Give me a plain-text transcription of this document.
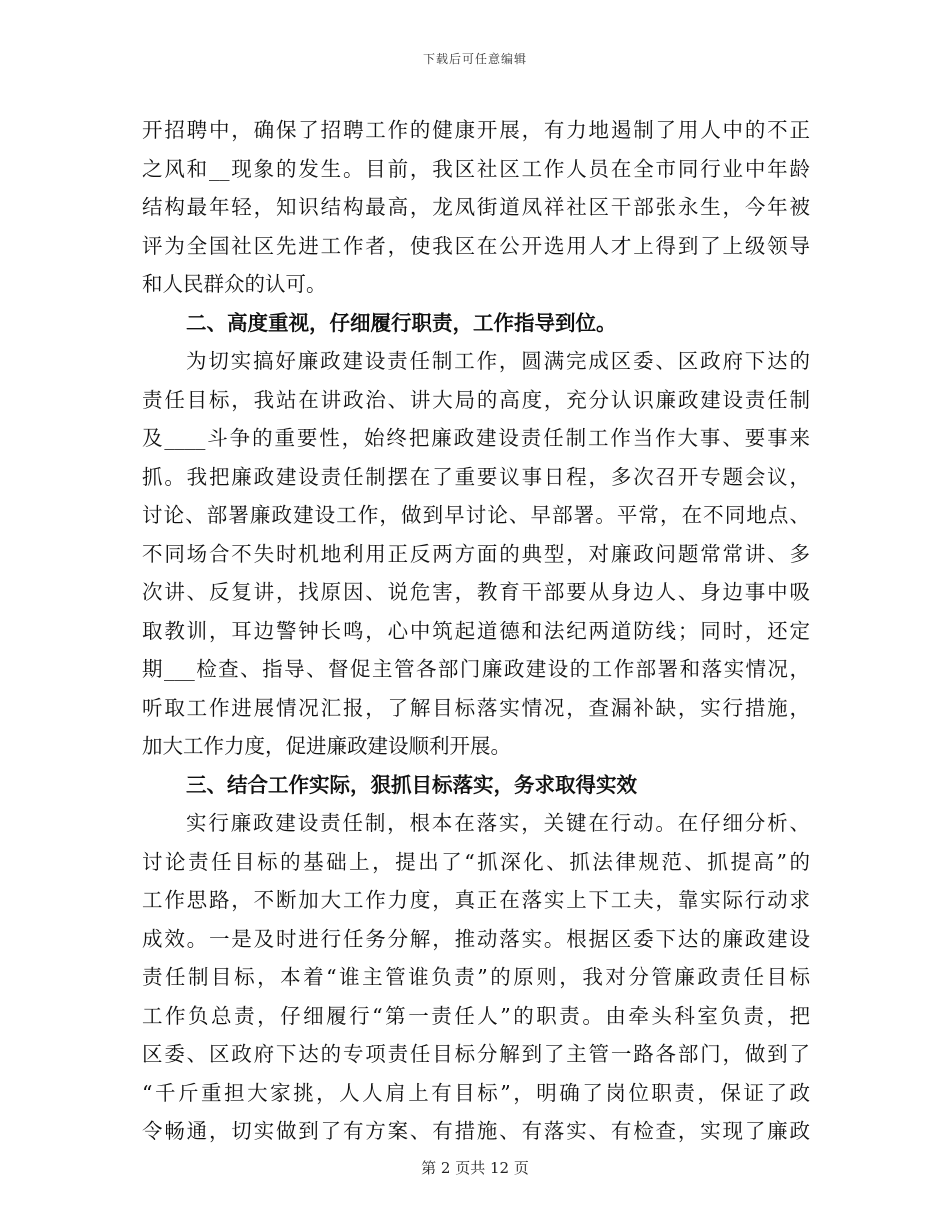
下载后可任意编辑
开招聘中，确保了招聘工作的健康开展，有力地遏制了用人中的不正
之风和__现象的发生。目前，我区社区工作人员在全市同行业中年龄
结构最年轻，知识结构最高，龙凤街道凤祥社区干部张永生，今年被
评为全国社区先进工作者，使我区在公开选用人才上得到了上级领导
和人民群众的认可。
二、高度重视，仔细履行职责，工作指导到位。
为切实搞好廉政建设责任制工作，圆满完成区委、区政府下达的
责任目标，我站在讲政治、讲大局的高度，充分认识廉政建设责任制
及____斗争的重要性，始终把廉政建设责任制工作当作大事、要事来
抓。我把廉政建设责任制摆在了重要议事日程，多次召开专题会议，
讨论、部署廉政建设工作，做到早讨论、早部署。平常，在不同地点、
不同场合不失时机地利用正反两方面的典型，对廉政问题常常讲、多
次讲、反复讲，找原因、说危害，教育干部要从身边人、身边事中吸
取教训，耳边警钟长鸣，心中筑起道德和法纪两道防线；同时，还定
期___检查、指导、督促主管各部门廉政建设的工作部署和落实情况，
听取工作进展情况汇报，了解目标落实情况，查漏补缺，实行措施，
加大工作力度，促进廉政建设顺利开展。
三、结合工作实际，狠抓目标落实，务求取得实效
实行廉政建设责任制，根本在落实，关键在行动。在仔细分析、
讨论责任目标的基础上，提出了“抓深化、抓法律规范、抓提高”的
工作思路，不断加大工作力度，真正在落实上下工夫，靠实际行动求
成效。一是及时进行任务分解，推动落实。根据区委下达的廉政建设
责任制目标，本着“谁主管谁负责”的原则，我对分管廉政责任目标
工作负总责，仔细履行“第一责任人”的职责。由牵头科室负责，把
区委、区政府下达的专项责任目标分解到了主管一路各部门，做到了
“千斤重担大家挑，人人肩上有目标”，明确了岗位职责，保证了政
令畅通，切实做到了有方案、有措施、有落实、有检查，实现了廉政
第 2 页共 12 页
